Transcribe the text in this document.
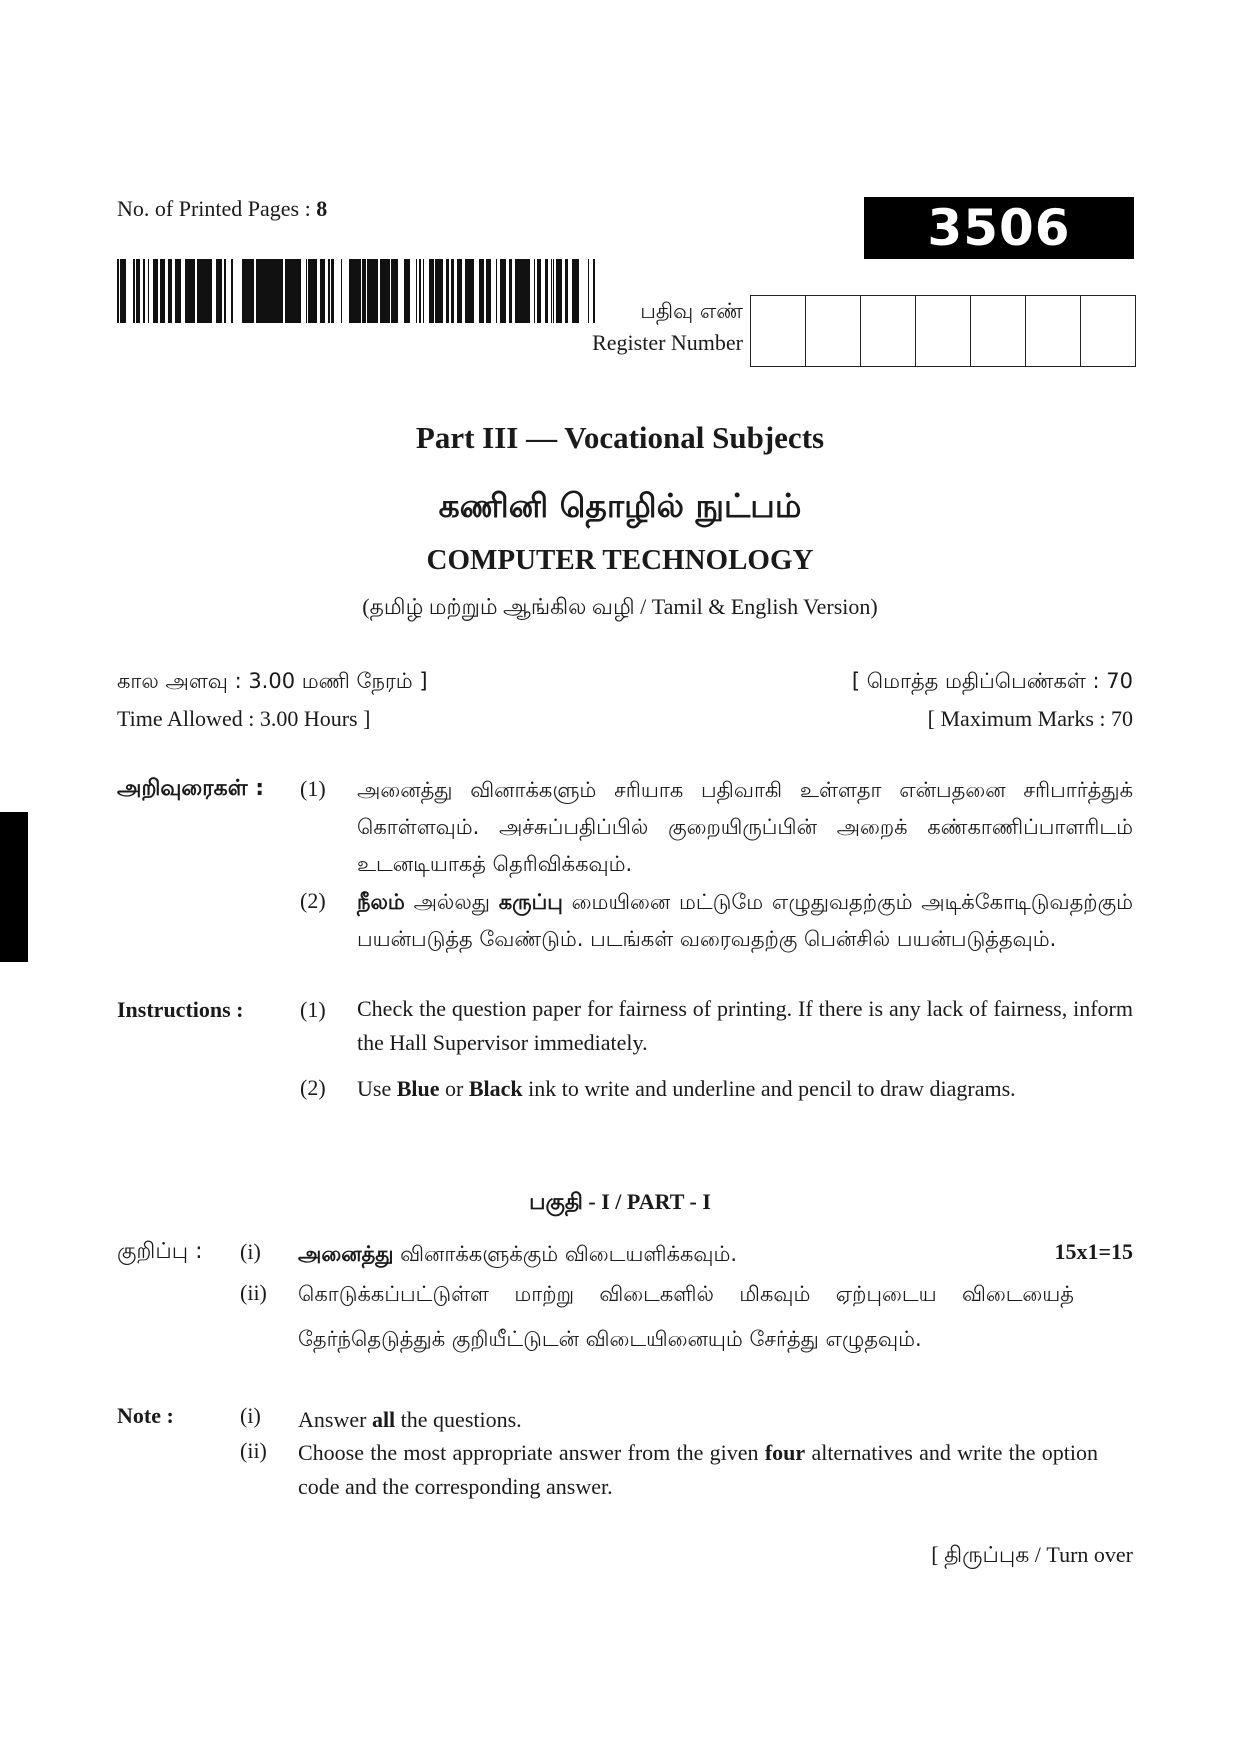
No. of Printed Pages : 8	3506 (NS)
பதிவு எண்
Register Number
Part III — Vocational Subjects
கணினி தொழில் நுட்பம்
COMPUTER TECHNOLOGY
(தமிழ் மற்றும் ஆங்கில வழி / Tamil & English Version)
கால அளவு : 3.00 மணி நேரம் ]
Time Allowed : 3.00 Hours ]
[ மொத்த மதிப்பெண்கள் : 70
[ Maximum Marks : 70
அறிவுரைகள் : (1) அனைத்து வினாக்களும் சரியாக பதிவாகி உள்ளதா என்பதனை சரிபார்த்துக் கொள்ளவும். அச்சுப்பதிப்பில் குறையிருப்பின் அறைக் கண்காணிப்பாளரிடம் உடனடியாகத் தெரிவிக்கவும்.
(2) நீலம் அல்லது கருப்பு மையினை மட்டுமே எழுதுவதற்கும் அடிக்கோடிடுவதற்கும் பயன்படுத்த வேண்டும். படங்கள் வரைவதற்கு பென்சில் பயன்படுத்தவும்.
Instructions :	(1) Check the question paper for fairness of printing. If there is any lack of fairness, inform the Hall Supervisor immediately.
(2) Use Blue or Black ink to write and underline and pencil to draw diagrams.
பகுதி - I / PART - I
குறிப்பு : (i) அனைத்து வினாக்களுக்கும் விடையளிக்கவும்.	15x1=15
(ii) கொடுக்கப்பட்டுள்ள மாற்று விடைகளில் மிகவும் ஏற்புடைய விடையைத் தேர்ந்தெடுத்துக் குறியீட்டுடன் விடையினையும் சேர்த்து எழுதவும்.
Note :	(i) Answer all the questions.
(ii) Choose the most appropriate answer from the given four alternatives and write the option code and the corresponding answer.
[ திருப்புக / Turn over
